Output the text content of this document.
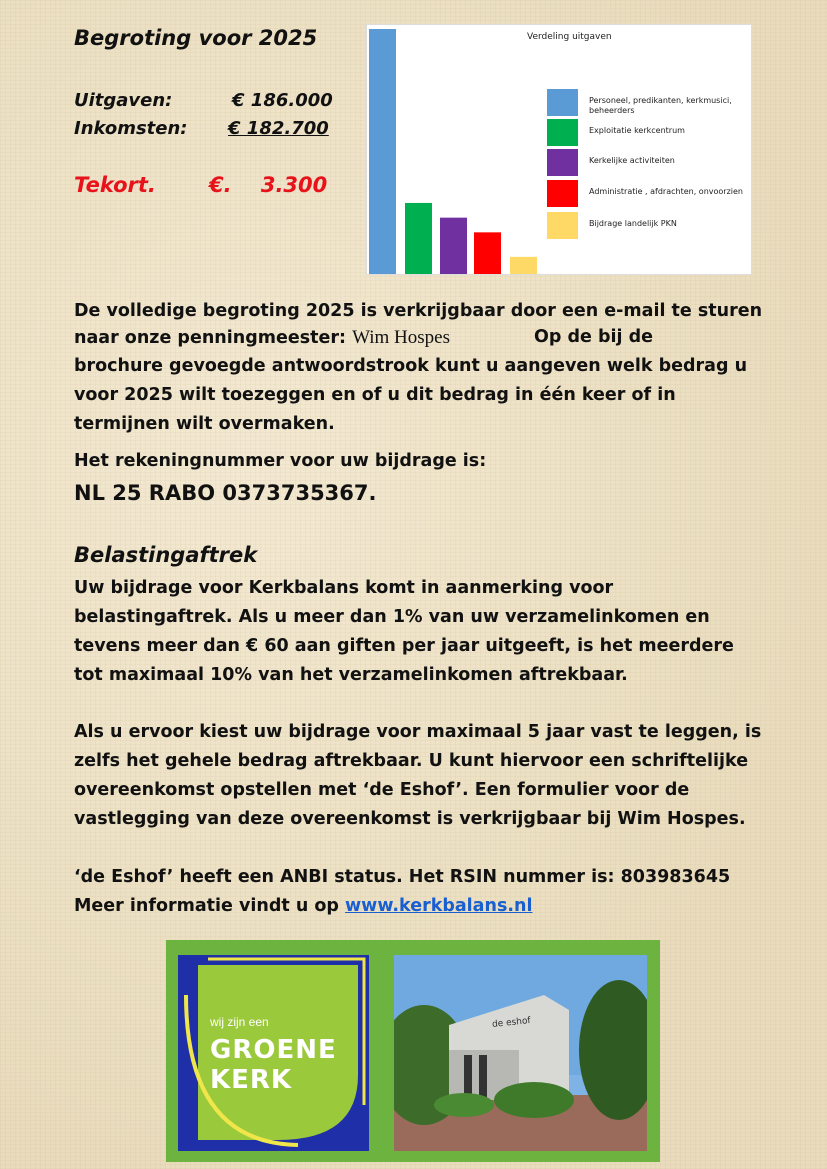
Begroting voor 2025
Uitgaven:	€ 186.000
Inkomsten: € 182.700
Tekort.	€.    3.300
Verdeling uitgaven
Personeel, predikanten, kerkmusici, beheerders
Exploitatie kerkcentrum
Kerkelijke activiteiten
Administratie , afdrachten, onvoorzien
Bijdrage landelijk PKN
De volledige begroting 2025 is verkrijgbaar door een e-mail te sturen
naar onze penningmeester: Wim Hospes	Op de bij de
brochure gevoegde antwoordstrook kunt u aangeven welk bedrag u
voor 2025 wilt toezeggen en of u dit bedrag in één keer of in
termijnen wilt overmaken.
Het rekeningnummer voor uw bijdrage is:
NL 25 RABO 0373735367.
Belastingaftrek
Uw bijdrage voor Kerkbalans komt in aanmerking voor
belastingaftrek. Als u meer dan 1% van uw verzamelinkomen en
tevens meer dan € 60 aan giften per jaar uitgeeft, is het meerdere
tot maximaal 10% van het verzamelinkomen aftrekbaar.
Als u ervoor kiest uw bijdrage voor maximaal 5 jaar vast te leggen, is
zelfs het gehele bedrag aftrekbaar. U kunt hiervoor een schriftelijke
overeenkomst opstellen met ‘de Eshof’. Een formulier voor de
vastlegging van deze overeenkomst is verkrijgbaar bij Wim Hospes.
‘de Eshof’ heeft een ANBI status. Het RSIN nummer is: 803983645
Meer informatie vindt u op www.kerkbalans.nl
wij zijn een
GROENE
KERK
de eshof
